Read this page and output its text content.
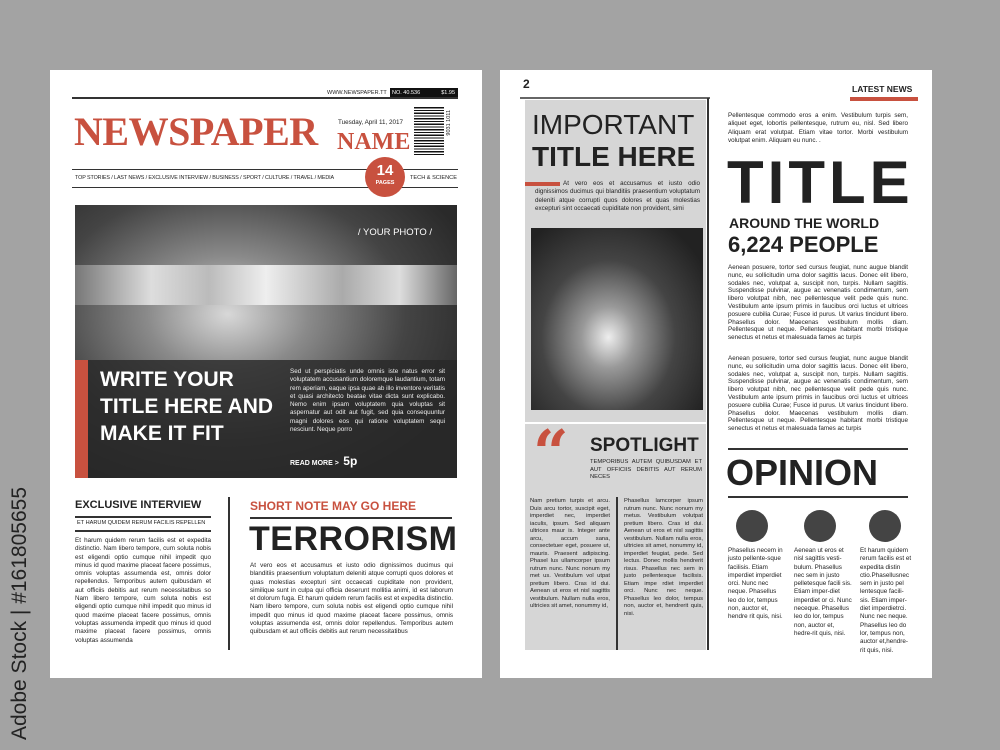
Adobe Stock | #161805655
WWW.NEWSPAPER.TT NO. 40.536	$1.95
NEWSPAPER NAME
Tuesday, April 11, 2017	9031 1011
TOP STORIES / LAST NEWS / EXCLUSIVE INTERVIEW / BUSINESS / SPORT / CULTURE / TRAVEL / MEDIA	14
PAGES
TECH & SCIENCE
/ YOUR PHOTO /
WRITE YOUR TITLE HERE AND MAKE IT FIT
Sed ut perspiciatis unde omnis iste natus error sit voluptatem accusantium doloremque laudantium, totam rem aperiam, eaque ipsa quae ab illo inventore veritatis et quasi architecto beatae vitae dicta sunt explicabo. Nemo enim ipsam voluptatem quia voluptas sit aspernatur aut odit aut fugit, sed quia consequuntur magni dolores eos qui ratione voluptatem sequi nesciunt. Neque porro
READ MORE > 5p
EXCLUSIVE INTERVIEW
ET HARUM QUIDEM RERUM FACILIS REPELLEN
Et harum quidem rerum facilis est et expedita distinctio. Nam libero tempore, cum soluta nobis est eligendi optio cumque nihil impedit quo minus id quod maxime placeat facere possimus, omnis voluptas assumenda est, omnis dolor repellendus. Temporibus autem quibusdam et aut officiis debitis aut rerum necessitatibus so Nam libero tempore, cum soluta nobis est eligendi optio cumque nihil impedit quo minus id quod maxime placeat facere possimus, omnis voluptas assumenda impedit quo minus id quod maxime placeat facere possimus, omnis voluptas assumenda
SHORT NOTE MAY GO HERE
TERRORISM
At vero eos et accusamus et iusto odio dignissimos ducimus qui blanditiis praesentium voluptatum deleniti atque corrupti quos dolores et quas molestias excepturi sint occaecati cupiditate non provident, similique sunt in culpa qui officia deserunt mollitia animi, id est laborum et dolorum fuga. Et harum quidem rerum facilis est et expedita distinctio. Nam libero tempore, cum soluta nobis est eligendi optio cumque nihil impedit quo minus id quod maxime placeat facere possimus, omnis voluptas assumenda est, omnis dolor repellendus. Temporibus autem quibusdam et aut officiis debitis aut rerum necessitatibus
2
IMPORTANT
TITLE HERE
At vero eos et accusamus et iusto odio dignissimos ducimus qui blanditiis praesentium voluptatum deleniti atque corrupti quos dolores et quas molestias excepturi sint occaecati cupiditate non provident, simi
“ SPOTLIGHT
TEMPORIBUS AUTEM QUIBUSDAM ET AUT OFFICIIS DEBITIS AUT RERUM NECES
Nam pretium turpis et arcu. Duis arcu tortor, suscipit eget, imperdiet nec, imperdiet iaculis, ipsum. Sed aliquam ultrices maur is. Integer ante arcu, accum sana, consectetuer eget, posuere ut, mauris. Praesent adipiscing. Phasel lus ullamcorper ipsum rutrum nunc. Nunc nonum my met us. Vestibulum vol utpat pretium libero. Cras id dui. Aenean ut eros et nisl sagittis vestibulum. Nullam nulla eros, ultricies sit amet, nonummy id,
Phasellus lamcorper ipsum rutrum nunc. Nunc nonum my metus. Vestibulum volutpat pretium libero. Cras id dui. Aenean ut eros et nisl sagittis vestibulum. Nullam nulla eros, ultricies sit amet, nonummy id, imperdiet feugiat, pede. Sed lectus. Donec mollis hendrerit risus. Phasellus nec sem in justo pellentesque facilisis. Etiam impe rdiet imperdiet orci. Nunc nec neque. Phasellus leo dolor, tempus non, auctor et, hendrerit quis, nisi.
LATEST NEWS
Pellentesque commodo eros a enim. Vestibulum turpis sem, aliquet eget, lobortis pellentesque, rutrum eu, nisl. Sed libero Aliquam erat volutpat. Etiam vitae tortor. Morbi vestibulum volutpat enim. Aliquam eu nunc. .
TITLE
AROUND THE WORLD
6,224 PEOPLE
Aenean posuere, tortor sed cursus feugiat, nunc augue blandit nunc, eu sollicitudin urna dolor sagittis lacus. Donec elit libero, sodales nec, volutpat a, suscipit non, turpis. Nullam sagittis. Suspendisse pulvinar, augue ac venenatis condimentum, sem libero volutpat nibh, nec pellentesque velit pede quis nunc. Vestibulum ante ipsum primis in faucibus orci luctus et ultrices posuere cubilia Curae; Fusce id purus. Ut varius tincidunt libero. Phasellus dolor. Maecenas vestibulum mollis diam. Pellentesque ut neque. Pellentesque habitant morbi tristique senectus et netus et malesuada fames ac turpis
Aenean posuere, tortor sed cursus feugiat, nunc augue blandit nunc, eu sollicitudin urna dolor sagittis lacus. Donec elit libero, sodales nec, volutpat a, suscipit non, turpis. Nullam sagittis. Suspendisse pulvinar, augue ac venenatis condimentum, sem libero volutpat nibh, nec pellentesque velit pede quis nunc. Vestibulum ante ipsum primis in faucibus orci luctus et ultrices posuere cubilia Curae; Fusce id purus. Ut varius tincidunt libero. Phasellus dolor. Maecenas vestibulum mollis diam. Pellentesque ut neque. Pellentesque habitant morbi tristique senectus et netus et malesuada fames ac turpis
OPINION
Phasellus necem in justo pellente-sque facilisis. Etiam imperdiet imperdiet orci. Nunc nec neque. Phasellus leo do lor, tempus non, auctor et, hendre rit quis, nisi.
Aenean ut eros et nisl sagittis vesti-bulum. Phasellus nec sem in justo pelletesque facili sis. Etiam imper-diet imperdiet or ci. Nunc neceque. Phasellus leo do lor, tempus non, auctor et, hedre-rit quis, nisi.
Et harum quidem rerum facilis est et expedita distin ctio.Phasellusnec sem in justo pel lentesque facili-sis. Etiam imper-diet imperdietrci. Nunc nec neque. Phasellus leo do lor, tempus non, auctor et,hendre-rit quis, nisi.
